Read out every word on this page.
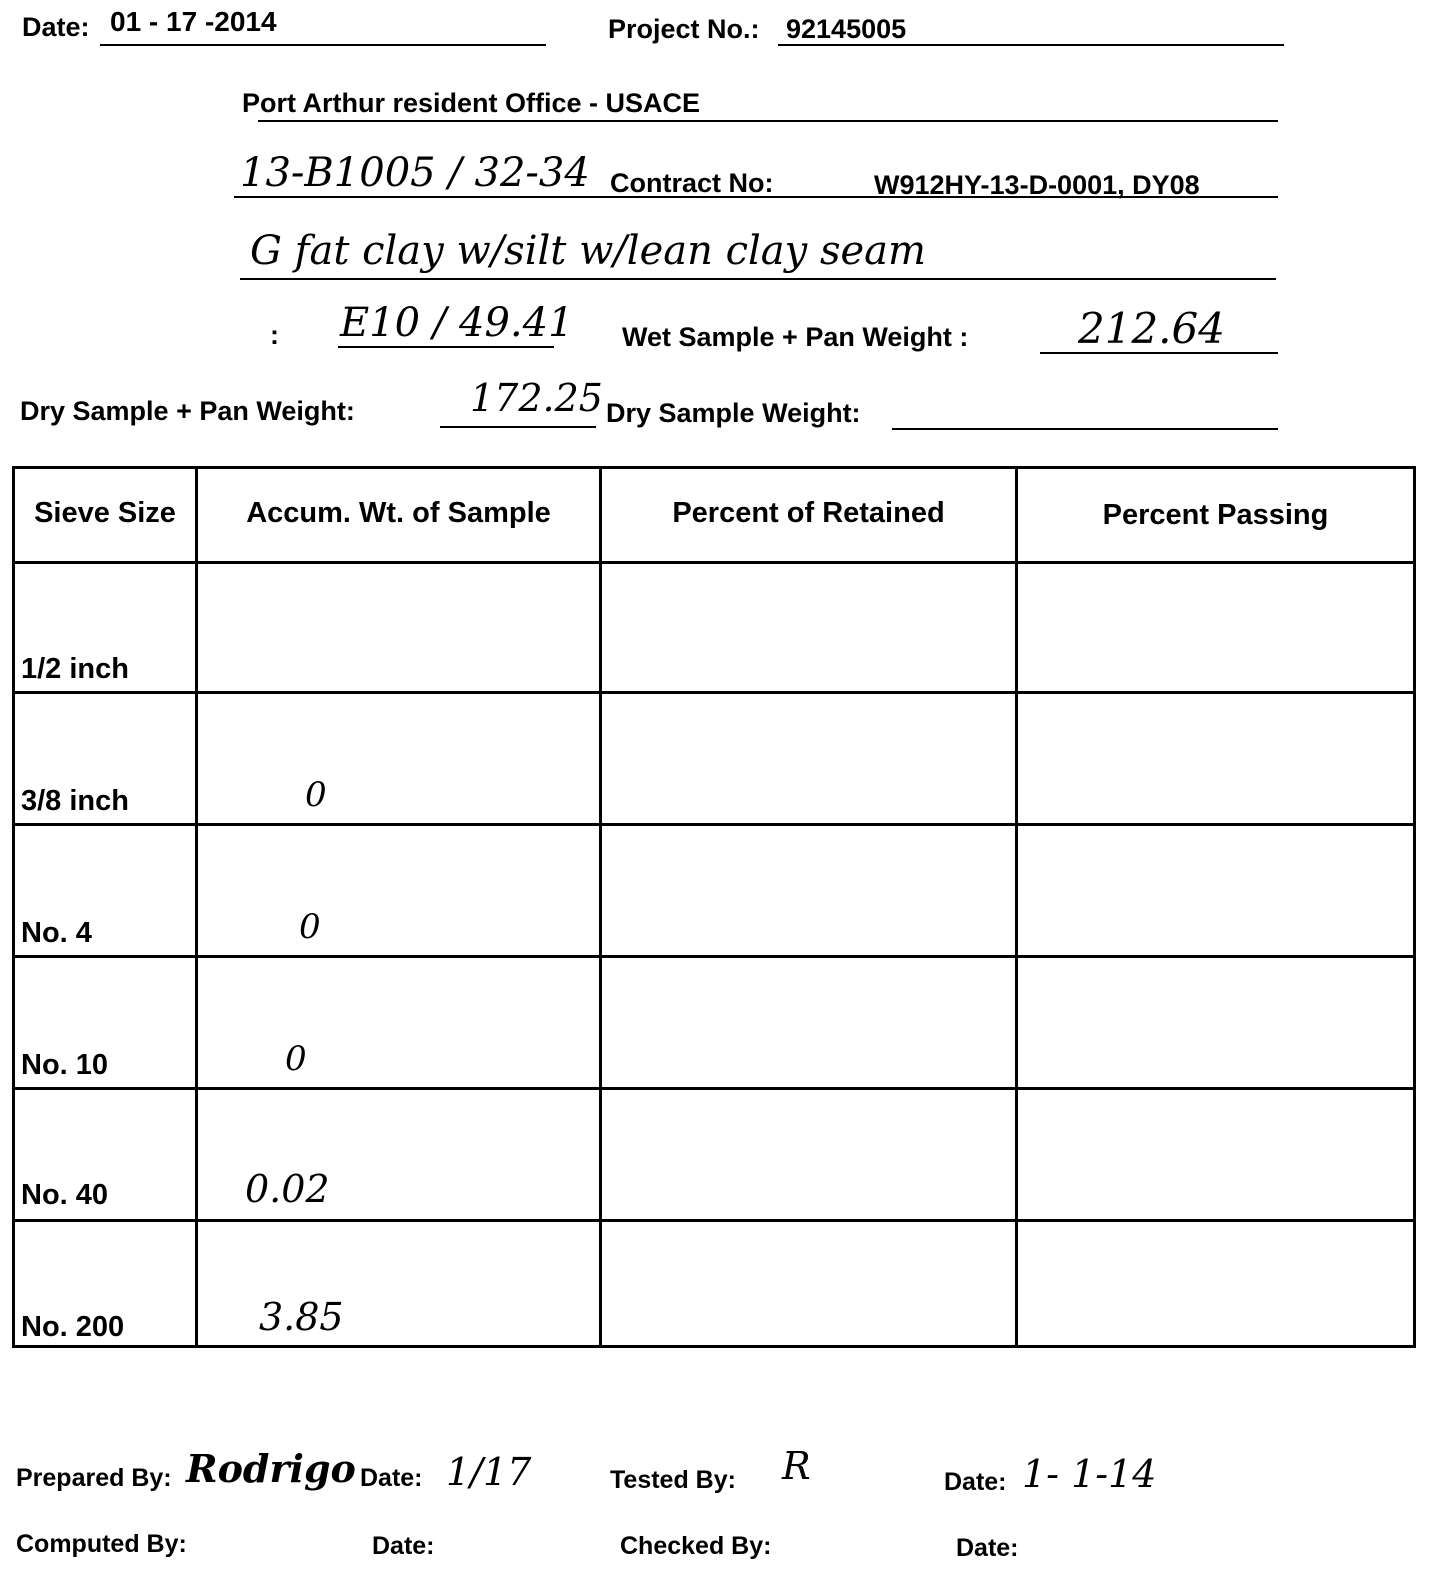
Date: 01 - 17 -2014	Project No.: 92145005
Port Arthur resident Office - USACE
13-B1005 / 32-34 Contract No:	W912HY-13-D-0001, DY08
G fat clay w/silt w/lean clay seam
: E10 / 49.41 Wet Sample + Pan Weight :	212.64
Dry Sample + Pan Weight:	172.25 Dry Sample Weight:
Sieve Size	Accum. Wt. of Sample	Percent of Retained	Percent Passing
1/2 inch
3/8 inch	0
No. 4	0
No. 10	0
No. 40	0.02
No. 200	3.85
Prepared By: Rodrigo Date: 1/17	Tested By: R	Date: 1- 1-14
Computed By:	Date:	Checked By:	Date:
